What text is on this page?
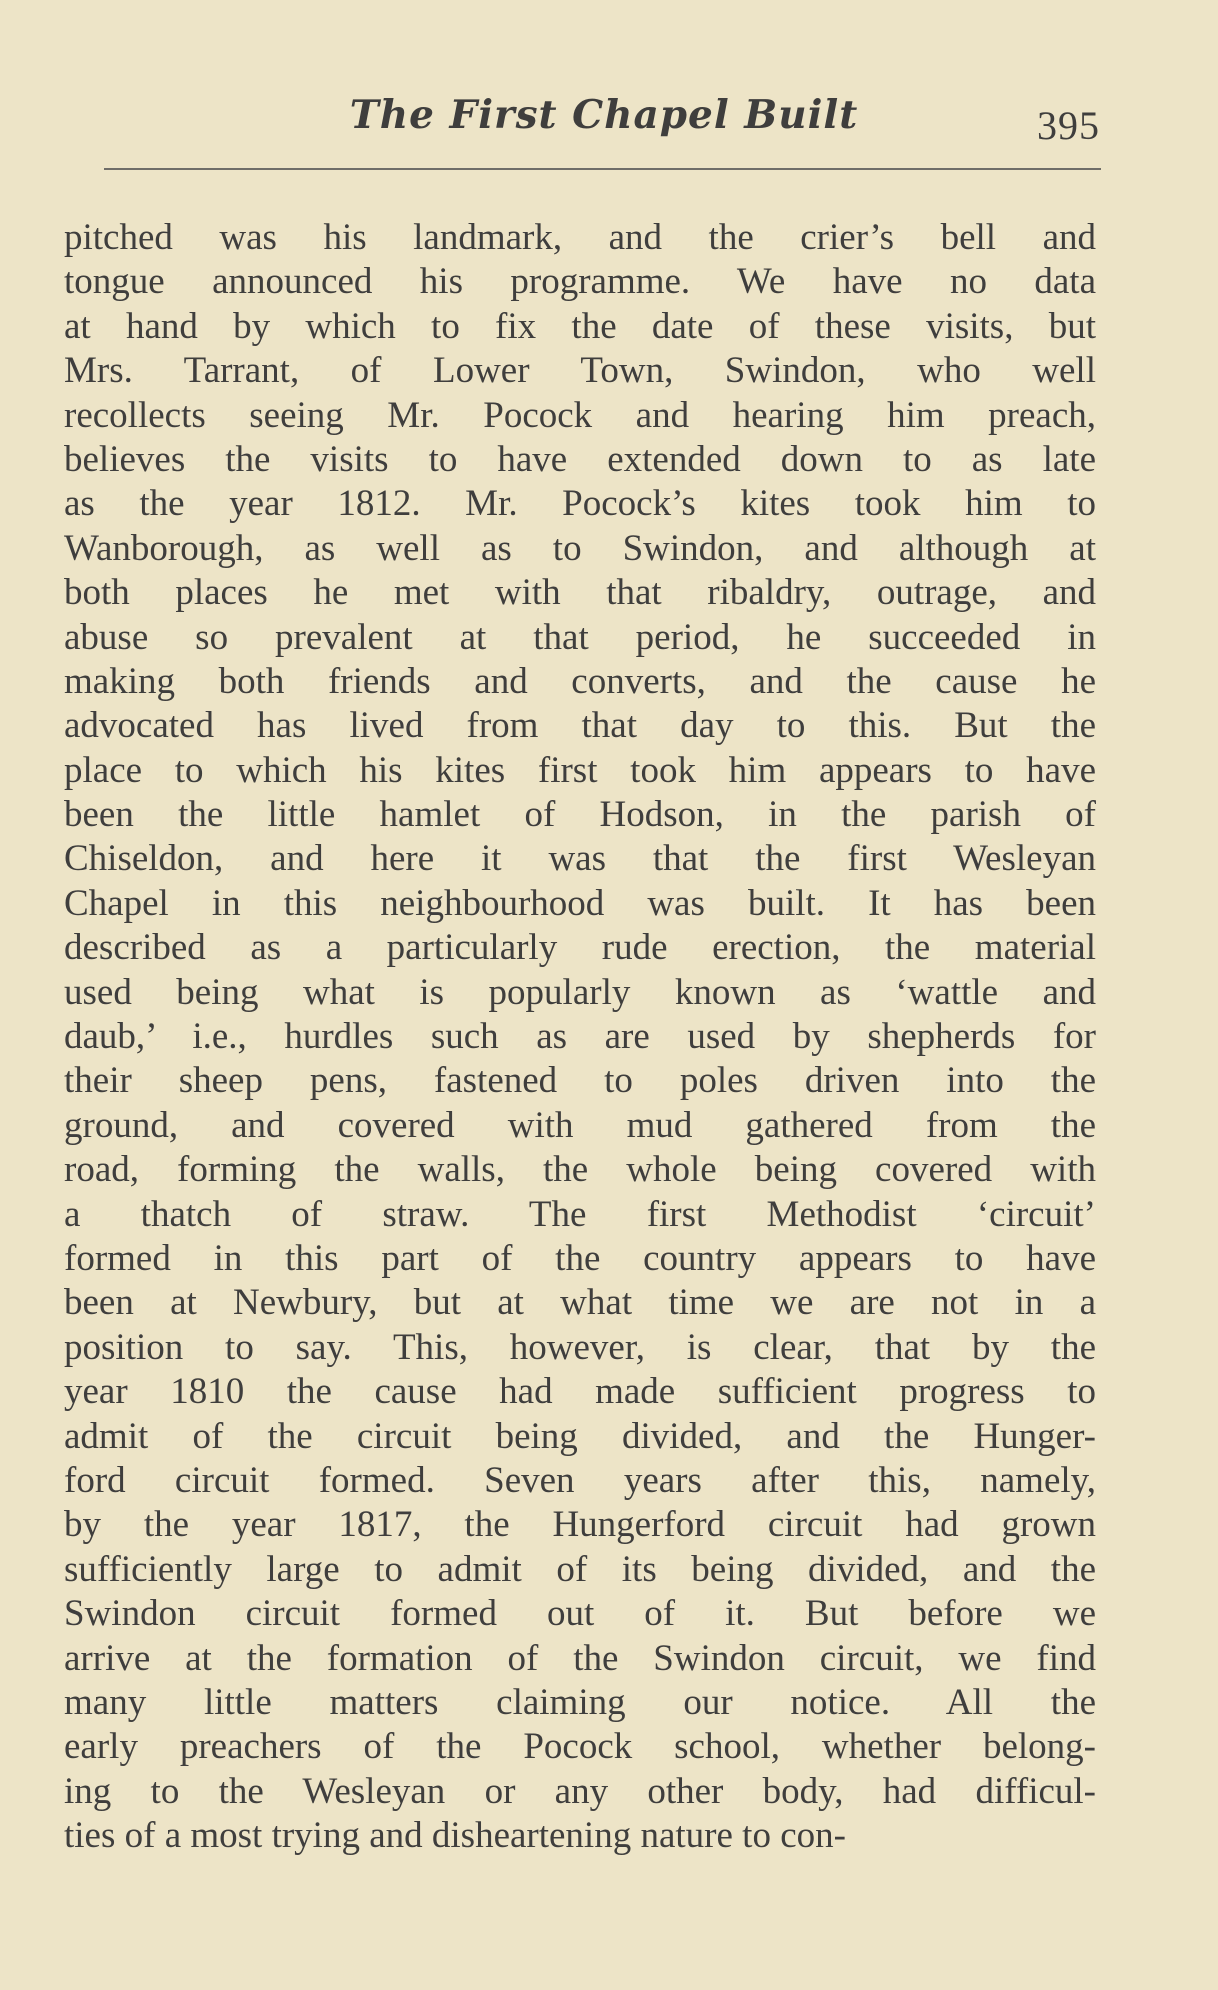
The First Chapel Built	395
pitched was his landmark, and the crier’s bell and
tongue announced his programme. We have no data
at hand by which to fix the date of these visits, but
Mrs. Tarrant, of Lower Town, Swindon, who well
recollects seeing Mr. Pocock and hearing him preach,
believes the visits to have extended down to as late
as the year 1812. Mr. Pocock’s kites took him to
Wanborough, as well as to Swindon, and although at
both places he met with that ribaldry, outrage, and
abuse so prevalent at that period, he succeeded in
making both friends and converts, and the cause he
advocated has lived from that day to this. But the
place to which his kites first took him appears to have
been the little hamlet of Hodson, in the parish of
Chiseldon, and here it was that the first Wesleyan
Chapel in this neighbourhood was built. It has been
described as a particularly rude erection, the material
used being what is popularly known as ‘wattle and
daub,’ i.e., hurdles such as are used by shepherds for
their sheep pens, fastened to poles driven into the
ground, and covered with mud gathered from the
road, forming the walls, the whole being covered with
a thatch of straw. The first Methodist ‘circuit’
formed in this part of the country appears to have
been at Newbury, but at what time we are not in a
position to say. This, however, is clear, that by the
year 1810 the cause had made sufficient progress to
admit of the circuit being divided, and the Hunger-
ford circuit formed. Seven years after this, namely,
by the year 1817, the Hungerford circuit had grown
sufficiently large to admit of its being divided, and the
Swindon circuit formed out of it. But before we
arrive at the formation of the Swindon circuit, we find
many little matters claiming our notice. All the
early preachers of the Pocock school, whether belong-
ing to the Wesleyan or any other body, had difficul-
ties of a most trying and disheartening nature to con-
